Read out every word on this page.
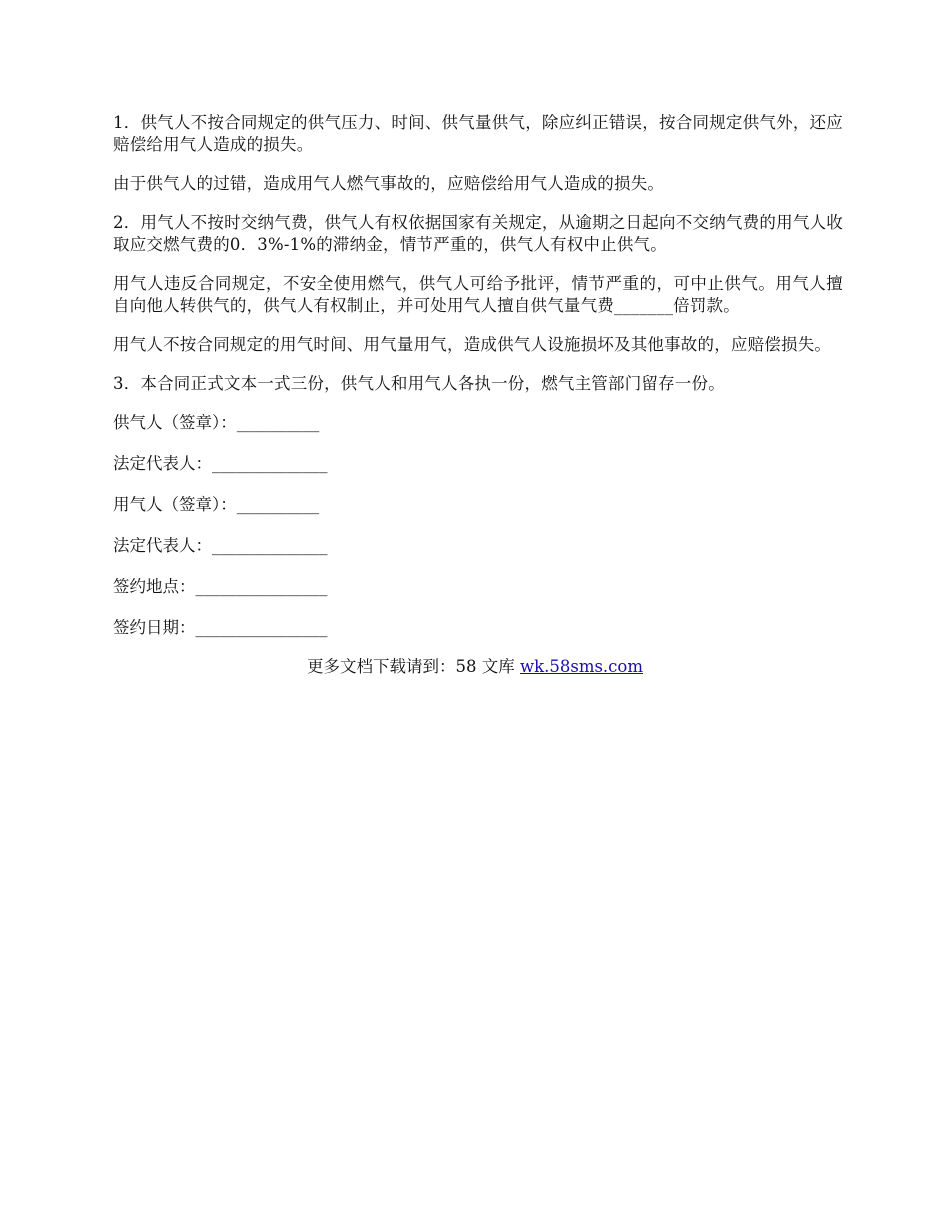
1．供气人不按合同规定的供气压力、时间、供气量供气，除应纠正错误，按合同规定供气外，还应赔偿给用气人造成的损失。

由于供气人的过错，造成用气人燃气事故的，应赔偿给用气人造成的损失。

2．用气人不按时交纳气费，供气人有权依据国家有关规定，从逾期之日起向不交纳气费的用气人收取应交燃气费的0．3%-1%的滞纳金，情节严重的，供气人有权中止供气。

用气人违反合同规定，不安全使用燃气，供气人可给予批评，情节严重的，可中止供气。用气人擅自向他人转供气的，供气人有权制止，并可处用气人擅自供气量气费_______倍罚款。

用气人不按合同规定的用气时间、用气量用气，造成供气人设施损坏及其他事故的，应赔偿损失。

3．本合同正式文本一式三份，供气人和用气人各执一份，燃气主管部门留存一份。

供气人（签章）：__________
法定代表人：______________
用气人（签章）：__________
法定代表人：______________
签约地点：________________
签约日期：________________
更多文档下载请到：58 文库 wk.58sms.com
